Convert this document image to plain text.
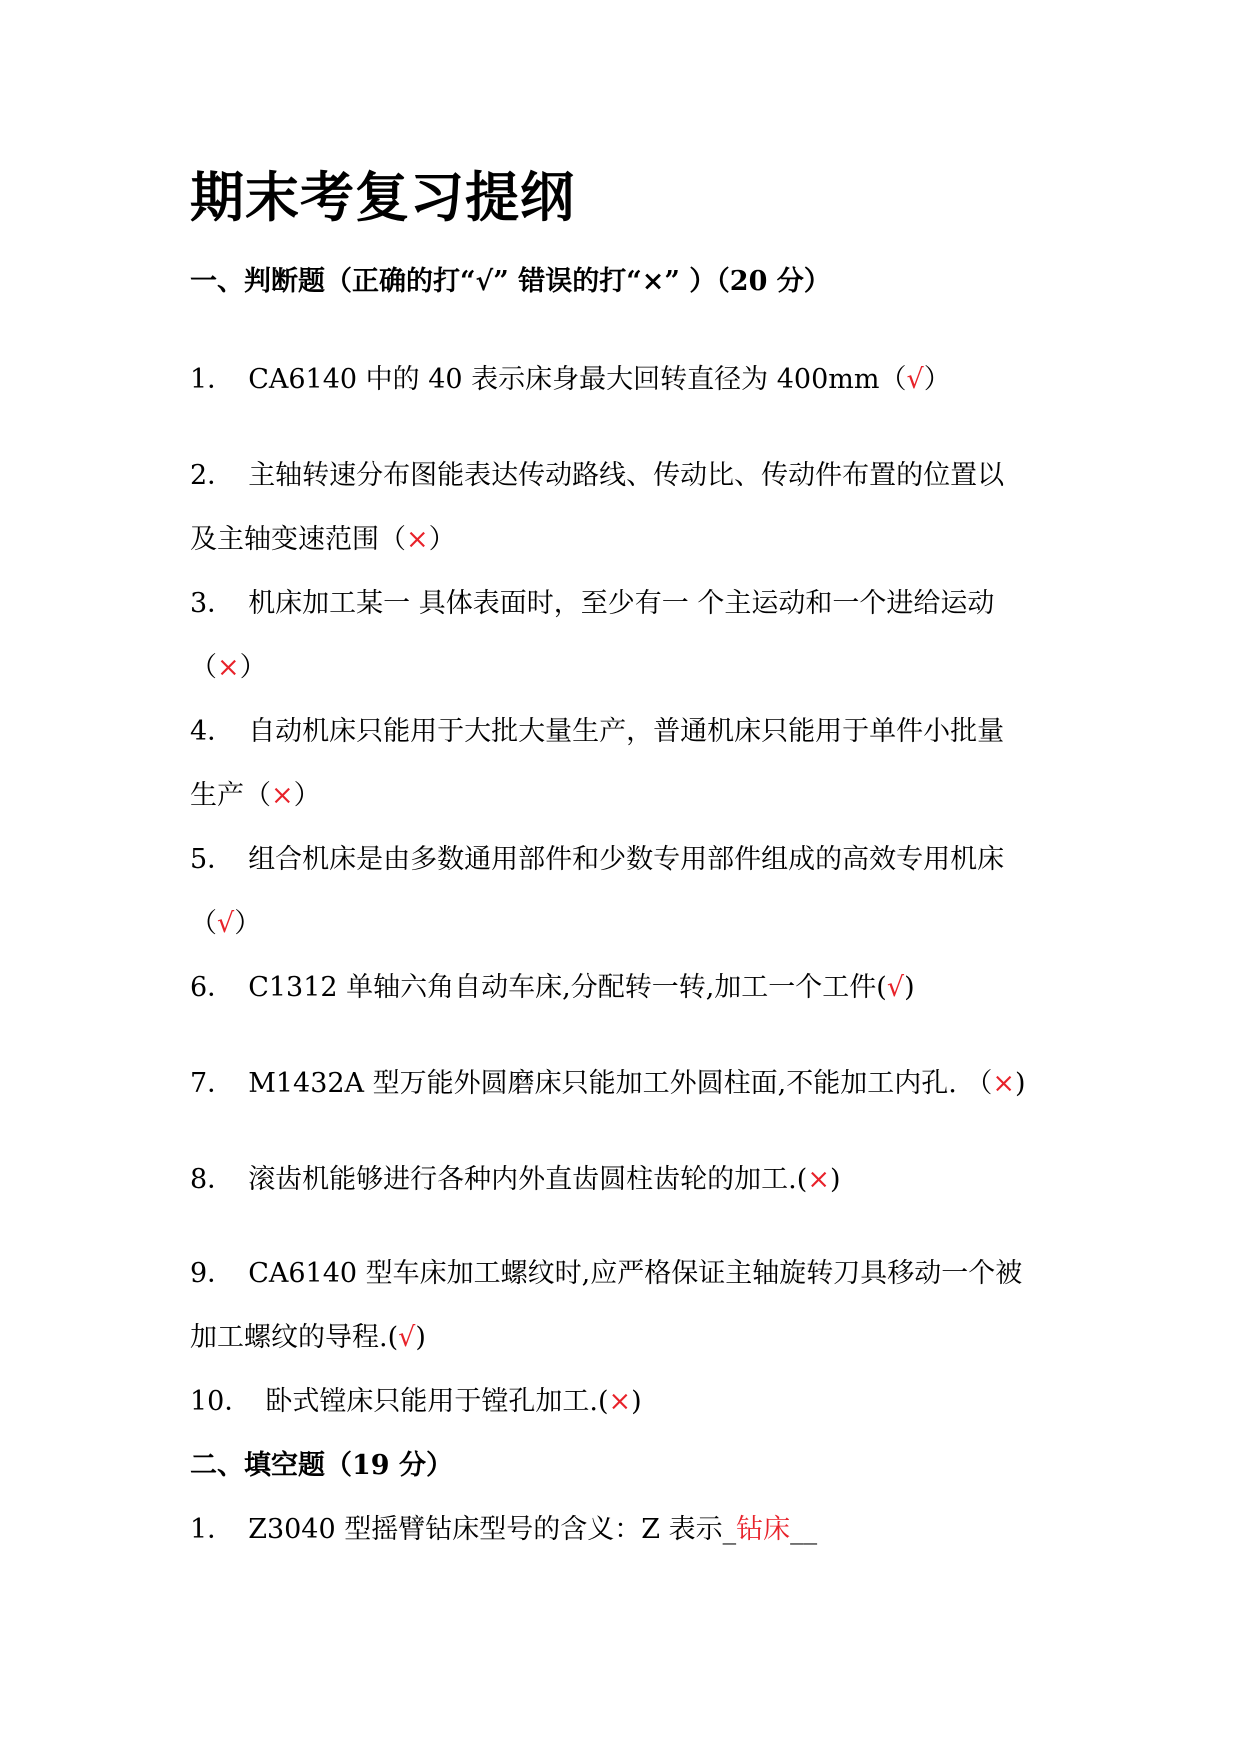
期末考复习提纲
一、判断题（正确的打“√” 错误的打“×” ）（20 分）
1． CA6140 中的 40 表示床身最大回转直径为 400mm（√）
2． 主轴转速分布图能表达传动路线、传动比、传动件布置的位置以
及主轴变速范围（×）
3． 机床加工某一 具体表面时，至少有一 个主运动和一个进给运动
（×）
4． 自动机床只能用于大批大量生产，普通机床只能用于单件小批量
生产（×）
5． 组合机床是由多数通用部件和少数专用部件组成的高效专用机床
（√）
6． C1312 单轴六角自动车床,分配转一转,加工一个工件(√)
7． M1432A 型万能外圆磨床只能加工外圆柱面,不能加工内孔. （×)
8． 滚齿机能够进行各种内外直齿圆柱齿轮的加工.(×)
9． CA6140 型车床加工螺纹时,应严格保证主轴旋转刀具移动一个被
加工螺纹的导程.(√)
10． 卧式镗床只能用于镗孔加工.(×)
二、填空题（19 分）
1． Z3040 型摇臂钻床型号的含义：Z 表示_钻床__
